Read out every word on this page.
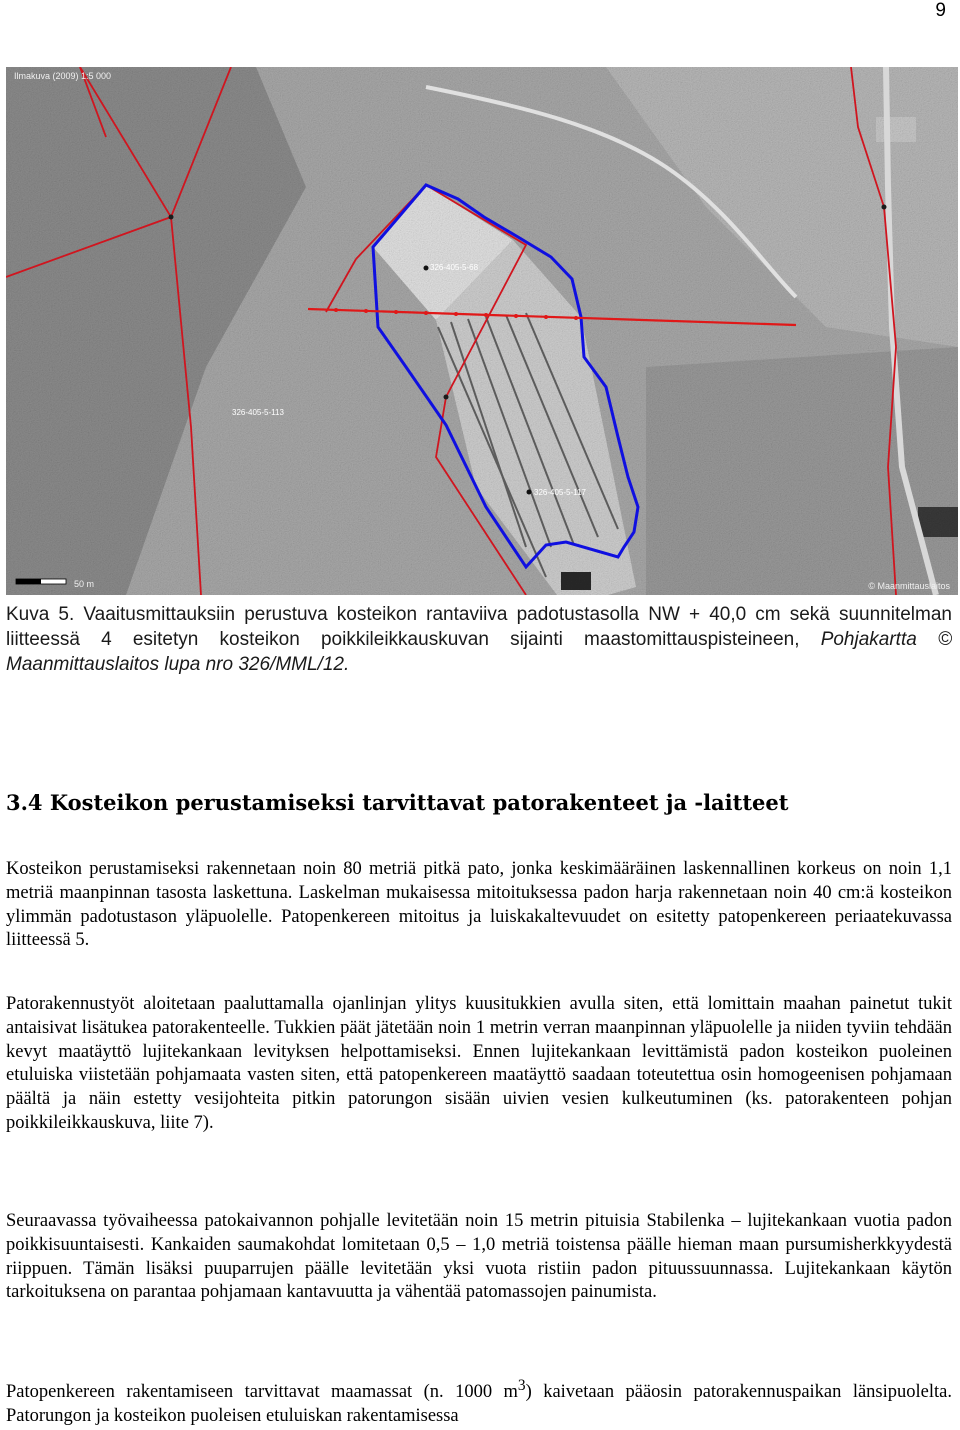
9
Ilmakuva (2009) 1:5 000
326-405-5-68
326-405-5-113
326-405-5-117
50 m	© Maanmittauslaitos

Kuva 5. Vaaitusmittauksiin perustuva kosteikon rantaviiva padotustasolla NW + 40,0 cm sekä suunnitelman liitteessä 4 esitetyn kosteikon poikkileikkauskuvan sijainti maastomittauspisteineen, Pohjakartta © Maanmittauslaitos lupa nro 326/MML/12.

3.4 Kosteikon perustamiseksi tarvittavat patorakenteet ja -laitteet

Kosteikon perustamiseksi rakennetaan noin 80 metriä pitkä pato, jonka keskimääräinen laskennallinen korkeus on noin 1,1 metriä maanpinnan tasosta laskettuna. Laskelman mukaisessa mitoituksessa padon harja rakennetaan noin 40 cm:ä kosteikon ylimmän padotustason yläpuolelle. Patopenkereen mitoitus ja luiskakaltevuudet on esitetty patopenkereen periaatekuvassa liitteessä 5.

Patorakennustyöt aloitetaan paaluttamalla ojanlinjan ylitys kuusitukkien avulla siten, että lomittain maahan painetut tukit antaisivat lisätukea patorakenteelle. Tukkien päät jätetään noin 1 metrin verran maanpinnan yläpuolelle ja niiden tyviin tehdään kevyt maatäyttö lujitekankaan levityksen helpottamiseksi. Ennen lujitekankaan levittämistä padon kosteikon puoleinen etuluiska viistetään pohjamaata vasten siten, että patopenkereen maatäyttö saadaan toteutettua osin homogeenisen pohjamaan päältä ja näin estetty vesijohteita pitkin patorungon sisään uivien vesien kulkeutuminen (ks. patorakenteen pohjan poikkileikkauskuva, liite 7).

Seuraavassa työvaiheessa patokaivannon pohjalle levitetään noin 15 metrin pituisia Stabilenka – lujitekankaan vuotia padon poikkisuuntaisesti. Kankaiden saumakohdat lomitetaan 0,5 – 1,0 metriä toistensa päälle hieman maan pursumisherkkyydestä riippuen. Tämän lisäksi puuparrujen päälle levitetään yksi vuota ristiin padon pituussuunnassa. Lujitekankaan käytön tarkoituksena on parantaa pohjamaan kantavuutta ja vähentää patomassojen painumista.

Patopenkereen rakentamiseen tarvittavat maamassat (n. 1000 $m^3$) kaivetaan pääosin patorakennuspaikan länsipuolelta. Patorungon ja kosteikon puoleisen etuluiskan rakentamisessa
